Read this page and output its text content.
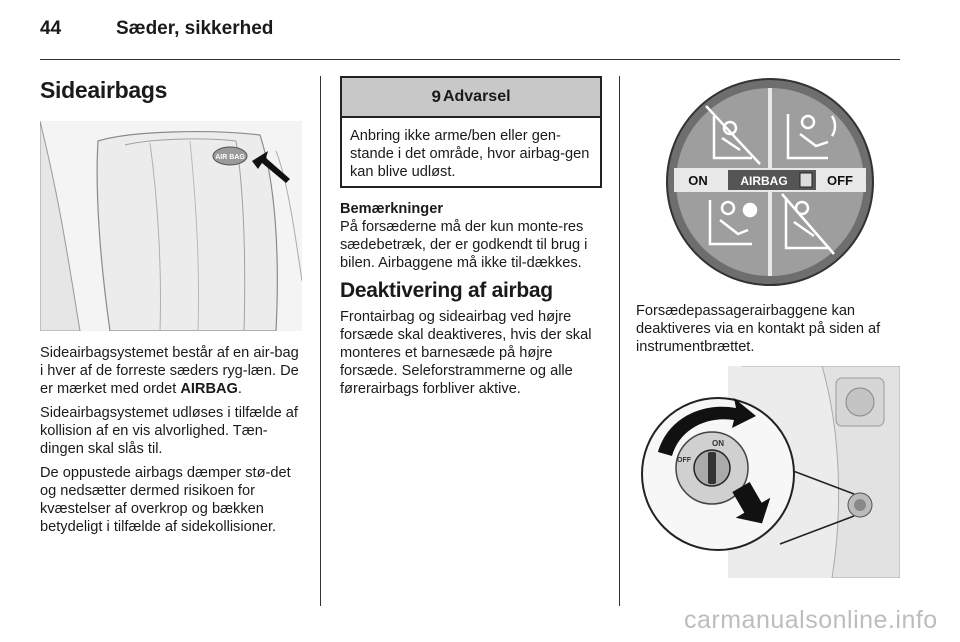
44	Sæder, sikkerhed
Sideairbags
AIR BAG

Sideairbagsystemet består af en air-bag i hver af de forreste sæders ryg-læn. De er mærket med ordet AIRBAG.

Sideairbagsystemet udløses i tilfælde af kollision af en vis alvorlighed. Tæn-dingen skal slås til.

De oppustede airbags dæmper stø-det og nedsætter dermed risikoen for kvæstelser af overkrop og bækken betydeligt i tilfælde af sidekollisioner.

9 Advarsel

Anbring ikke arme/ben eller gen-stande i det område, hvor airbag-gen kan blive udløst.

Bemærkninger

På forsæderne må der kun monte-res sædebetræk, der er godkendt til brug i bilen. Airbaggene må ikke til-dækkes.

Deaktivering af airbag

Frontairbag og sideairbag ved højre forsæde skal deaktiveres, hvis der skal monteres et barnesæde på højre forsæde. Seleforstrammerne og alle førerairbags forbliver aktive.

ON	AIRBAG	OFF

Forsædepassagerairbaggene kan deaktiveres via en kontakt på siden af instrumentbrættet.

ON
OFF
carmanualsonline.info
